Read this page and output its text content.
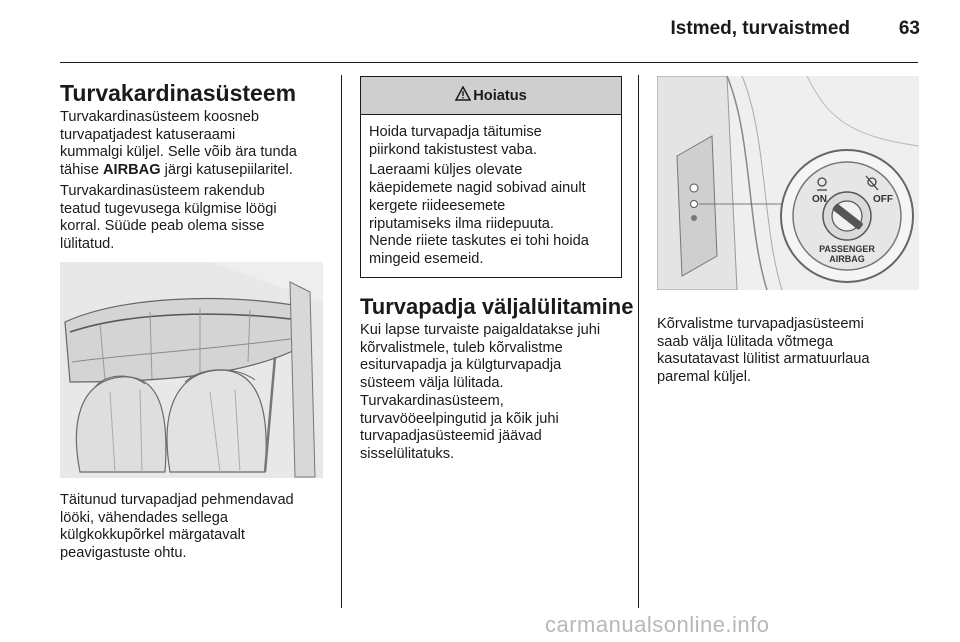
Istmed, turvaistmed	63
Turvakardinasüsteem
Turvakardinasüsteem koosneb
turvapatjadest katuseraami
kummalgi küljel. Selle võib ära tunda
tähise AIRBAG järgi katusepiilaritel.
Turvakardinasüsteem rakendub
teatud tugevusega külgmise löögi
korral. Süüde peab olema sisse
lülitatud.
Täitunud turvapadjad pehmendavad
lööki, vähendades sellega
külgkokkupõrkel märgatavalt
peavigastuste ohtu.
Hoiatus
Hoida turvapadja täitumise
piirkond takistustest vaba.
Laeraami küljes olevate
käepidemete nagid sobivad ainult
kergete riideesemete
riputamiseks ilma riidepuuta.
Nende riiete taskutes ei tohi hoida
mingeid esemeid.
Turvapadja väljalülitamine
Kui lapse turvaiste paigaldatakse juhi
kõrvalistmele, tuleb kõrvalistme
esiturvapadja ja külgturvapadja
süsteem välja lülitada.
Turvakardinasüsteem,
turvavööeelpingutid ja kõik juhi
turvapadjasüsteemid jäävad
sisselülitatuks.
ON	OFF
PASSENGER
AIRBAG
Kõrvalistme turvapadjasüsteemi
saab välja lülitada võtmega
kasutatavast lülitist armatuurlaua
paremal küljel.
carmanualsonline.info
